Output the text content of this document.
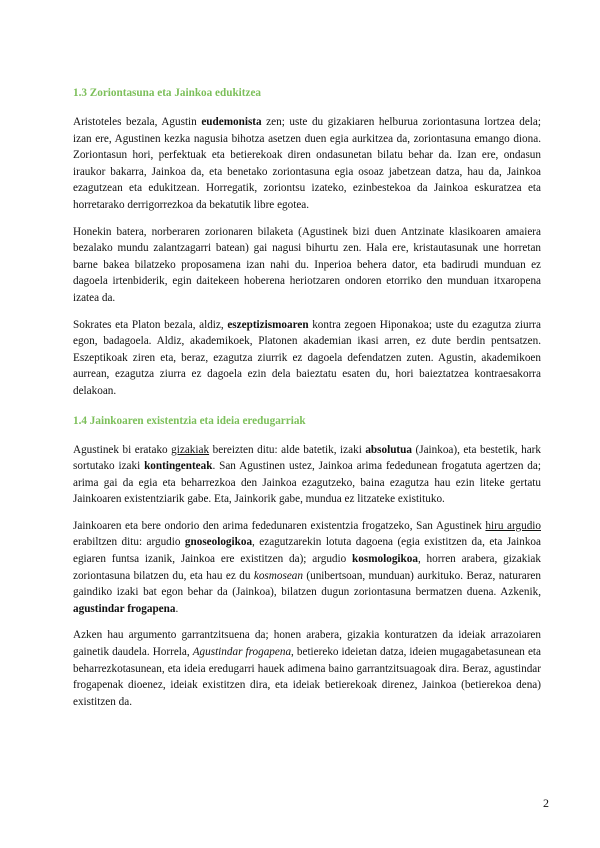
1.3 Zoriontasuna eta Jainkoa edukitzea

Aristoteles bezala, Agustin eudemonista zen; uste du gizakiaren helburua zoriontasuna lortzea dela; izan ere, Agustinen kezka nagusia bihotza asetzen duen egia aurkitzea da, zoriontasuna emango diona. Zoriontasun hori, perfektuak eta betierekoak diren ondasunetan bilatu behar da. Izan ere, ondasun iraukor bakarra, Jainkoa da, eta benetako zoriontasuna egia osoaz jabetzean datza, hau da, Jainkoa ezagutzean eta edukitzean. Horregatik, zoriontsu izateko, ezinbestekoa da Jainkoa eskuratzea eta horretarako derrigorrezkoa da bekatutik libre egotea.

Honekin batera, norberaren zorionaren bilaketa (Agustinek bizi duen Antzinate klasikoaren amaiera bezalako mundu zalantzagarri batean) gai nagusi bihurtu zen. Hala ere, kristautasunak une horretan barne bakea bilatzeko proposamena izan nahi du. Inperioa behera dator, eta badirudi munduan ez dagoela irtenbiderik, egin daitekeen hoberena heriotzaren ondoren etorriko den munduan itxaropena izatea da.

Sokrates eta Platon bezala, aldiz, eszeptizismoaren kontra zegoen Hiponakoa; uste du ezagutza ziurra egon, badagoela. Aldiz, akademikoek, Platonen akademian ikasi arren, ez dute berdin pentsatzen. Eszeptikoak ziren eta, beraz, ezagutza ziurrik ez dagoela defendatzen zuten. Agustin, akademikoen aurrean, ezagutza ziurra ez dagoela ezin dela baieztatu esaten du, hori baieztatzea kontraesakorra delakoan.

1.4 Jainkoaren existentzia eta ideia eredugarriak

Agustinek bi eratako gizakiak bereizten ditu: alde batetik, izaki absolutua (Jainkoa), eta bestetik, hark sortutako izaki kontingenteak. San Agustinen ustez, Jainkoa arima fededunean frogatuta agertzen da; arima gai da egia eta beharrezkoa den Jainkoa ezagutzeko, baina ezagutza hau ezin liteke gertatu Jainkoaren existentziarik gabe. Eta, Jainkorik gabe, mundua ez litzateke existituko.

Jainkoaren eta bere ondorio den arima fededunaren existentzia frogatzeko, San Agustinek hiru argudio erabiltzen ditu: argudio gnoseologikoa, ezagutzarekin lotuta dagoena (egia existitzen da, eta Jainkoa egiaren funtsa izanik, Jainkoa ere existitzen da); argudio kosmologikoa, horren arabera, gizakiak zoriontasuna bilatzen du, eta hau ez du kosmosean (unibertsoan, munduan) aurkituko. Beraz, naturaren gaindiko izaki bat egon behar da (Jainkoa), bilatzen dugun zoriontasuna bermatzen duena. Azkenik, agustindar frogapena.

Azken hau argumento garrantzitsuena da; honen arabera, gizakia konturatzen da ideiak arrazoiaren gainetik daudela. Horrela, Agustindar frogapena, betiereko ideietan datza, ideien mugagabetasunean eta beharrezkotasunean, eta ideia eredugarri hauek adimena baino garrantzitsuagoak dira. Beraz, agustindar frogapenak dioenez, ideiak existitzen dira, eta ideiak betierekoak direnez, Jainkoa (betierekoa dena) existitzen da.

2
